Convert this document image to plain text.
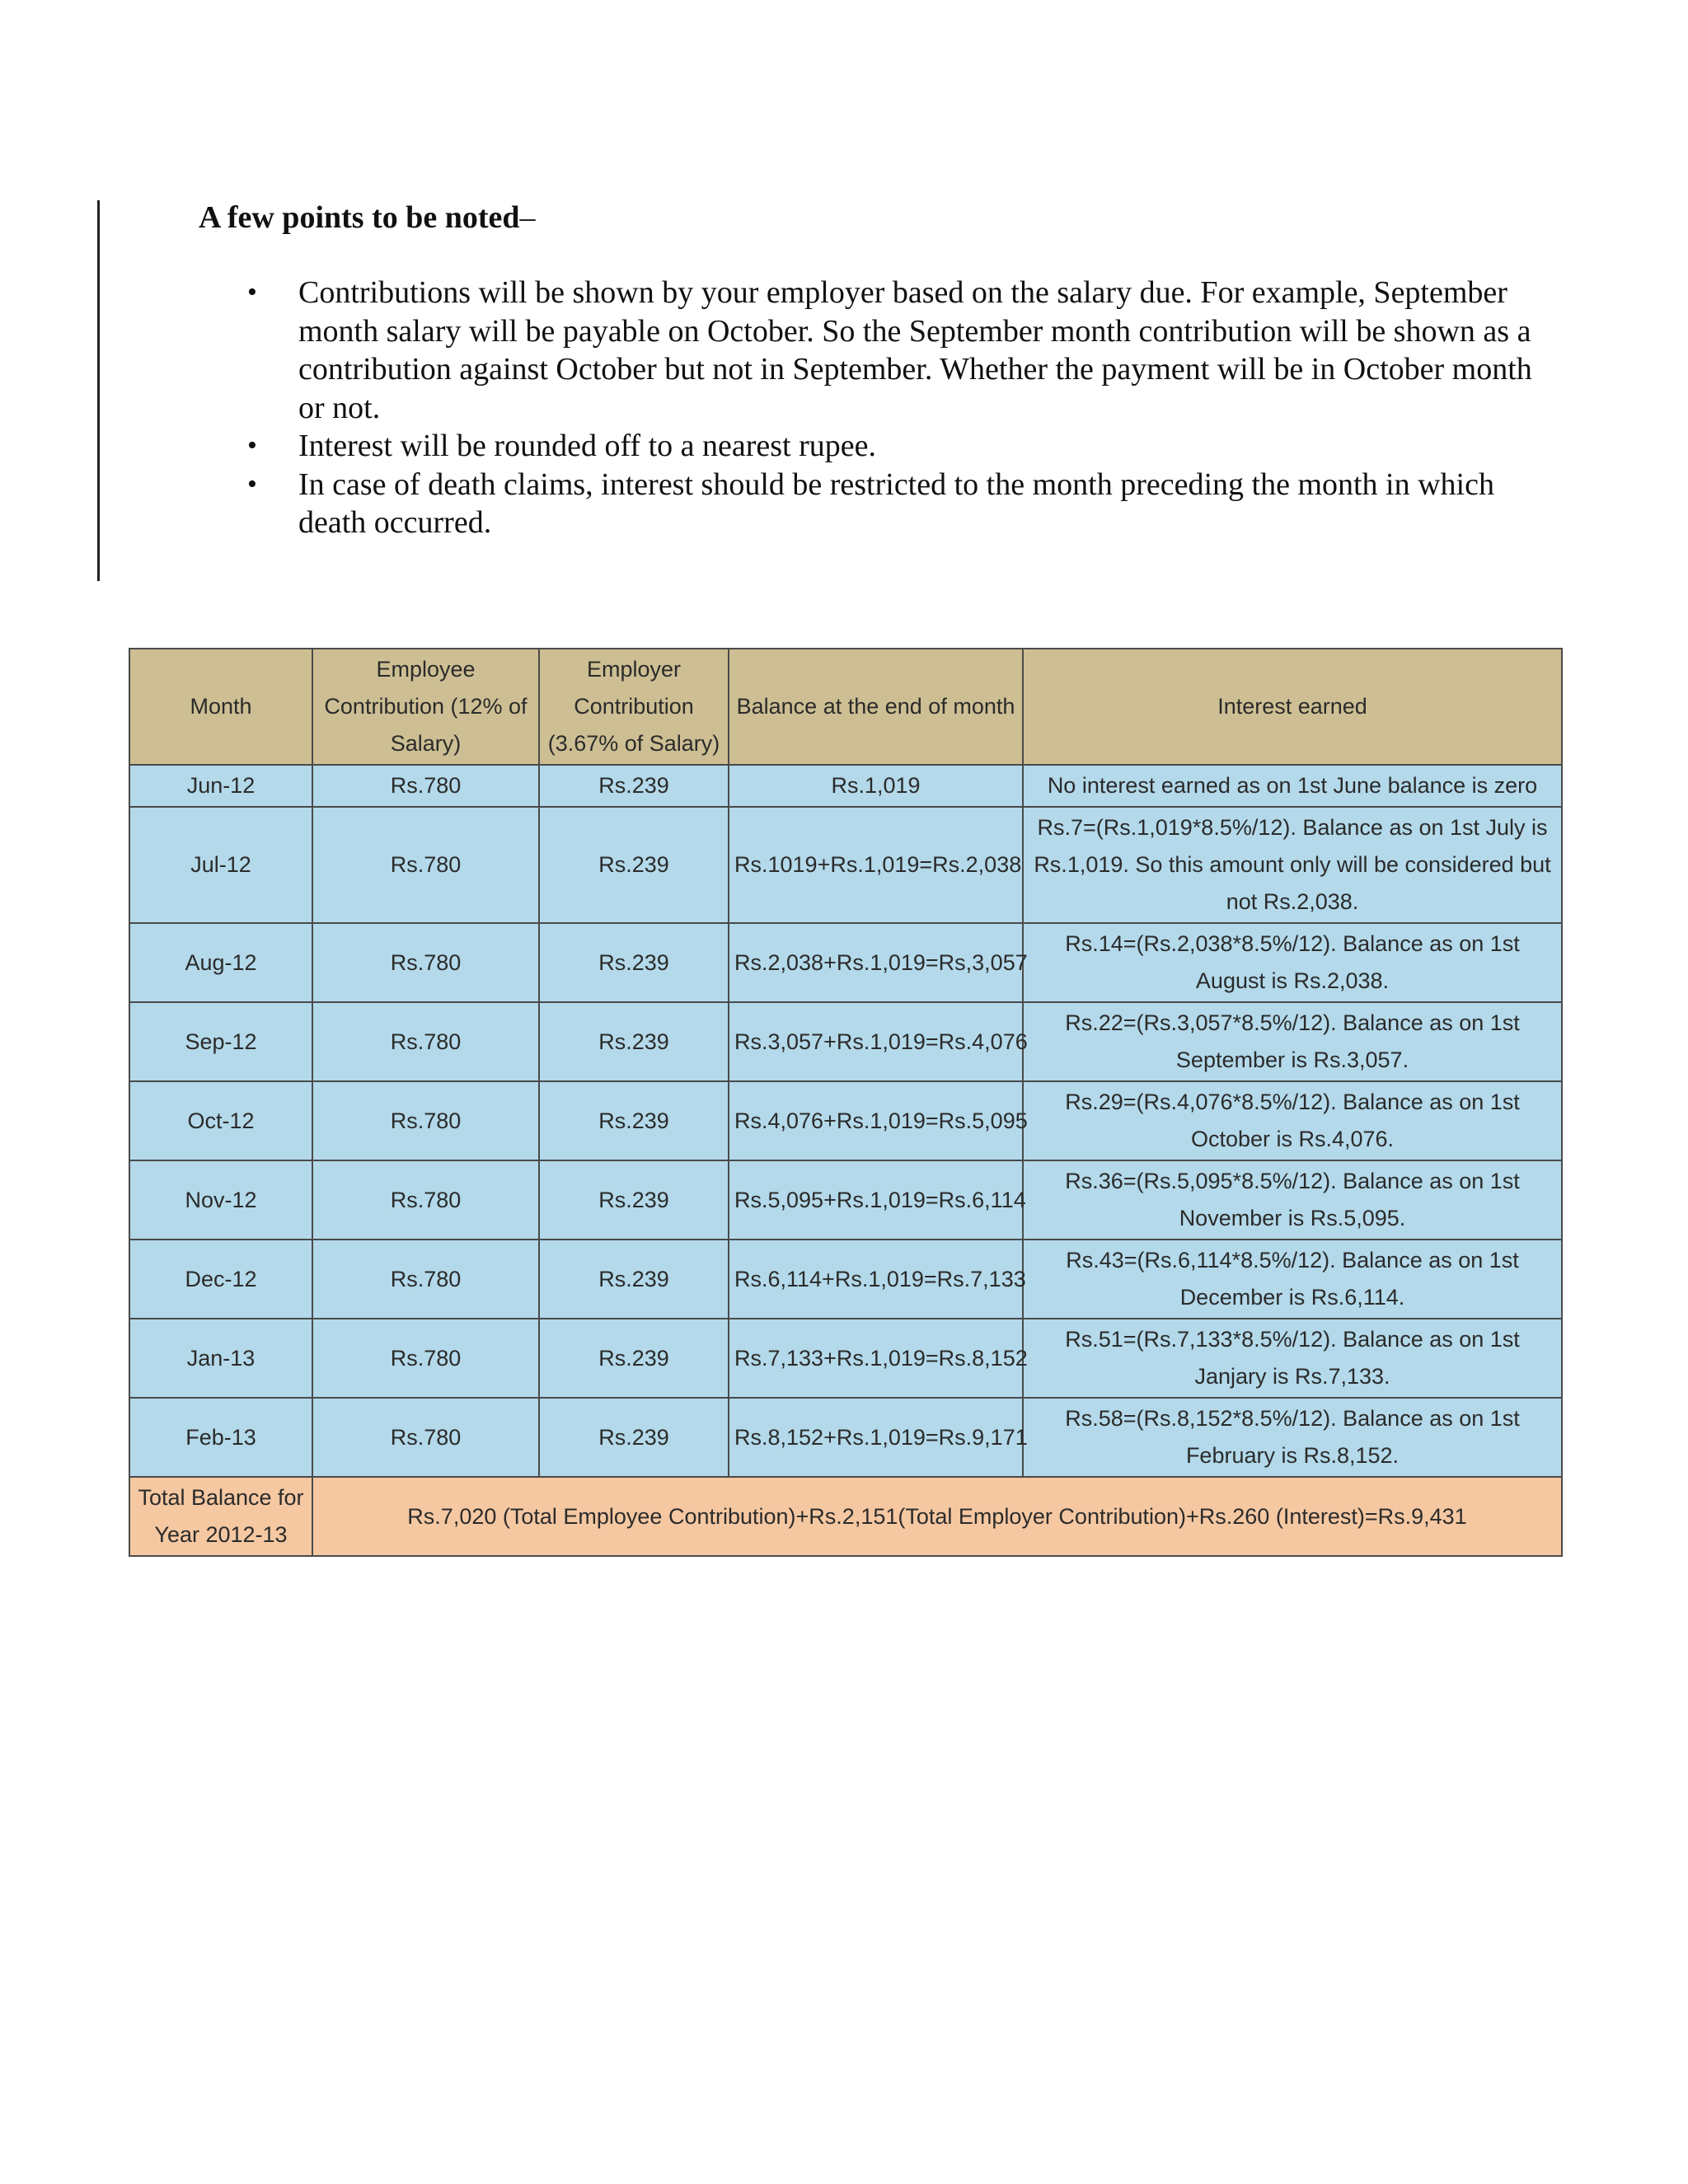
A few points to be noted–
• Contributions will be shown by your employer based on the salary due. For example, September month salary will be payable on October. So the September month contribution will be shown as a contribution against October but not in September. Whether the payment will be in October month or not.
• Interest will be rounded off to a nearest rupee.
• In case of death claims, interest should be restricted to the month preceding the month in which death occurred.
Month	Employee Contribution (12% of Salary)	Employer Contribution (3.67% of Salary)	Balance at the end of month	Interest earned
Jun-12	Rs.780	Rs.239	Rs.1,019	No interest earned as on 1st June balance is zero
Jul-12	Rs.780	Rs.239	Rs.1019+Rs.1,019=Rs.2,038	Rs.7=(Rs.1,019*8.5%/12). Balance as on 1st July is Rs.1,019. So this amount only will be considered but not Rs.2,038.
Aug-12	Rs.780	Rs.239	Rs.2,038+Rs.1,019=Rs,3,057	Rs.14=(Rs.2,038*8.5%/12). Balance as on 1st August is Rs.2,038.
Sep-12	Rs.780	Rs.239	Rs.3,057+Rs.1,019=Rs.4,076	Rs.22=(Rs.3,057*8.5%/12). Balance as on 1st September is Rs.3,057.
Oct-12	Rs.780	Rs.239	Rs.4,076+Rs.1,019=Rs.5,095	Rs.29=(Rs.4,076*8.5%/12). Balance as on 1st October is Rs.4,076.
Nov-12	Rs.780	Rs.239	Rs.5,095+Rs.1,019=Rs.6,114	Rs.36=(Rs.5,095*8.5%/12). Balance as on 1st November is Rs.5,095.
Dec-12	Rs.780	Rs.239	Rs.6,114+Rs.1,019=Rs.7,133	Rs.43=(Rs.6,114*8.5%/12). Balance as on 1st December is Rs.6,114.
Jan-13	Rs.780	Rs.239	Rs.7,133+Rs.1,019=Rs.8,152	Rs.51=(Rs.7,133*8.5%/12). Balance as on 1st Janjary is Rs.7,133.
Feb-13	Rs.780	Rs.239	Rs.8,152+Rs.1,019=Rs.9,171	Rs.58=(Rs.8,152*8.5%/12). Balance as on 1st February is Rs.8,152.
Total Balance for Year 2012-13	Rs.7,020 (Total Employee Contribution)+Rs.2,151(Total Employer Contribution)+Rs.260 (Interest)=Rs.9,431			
